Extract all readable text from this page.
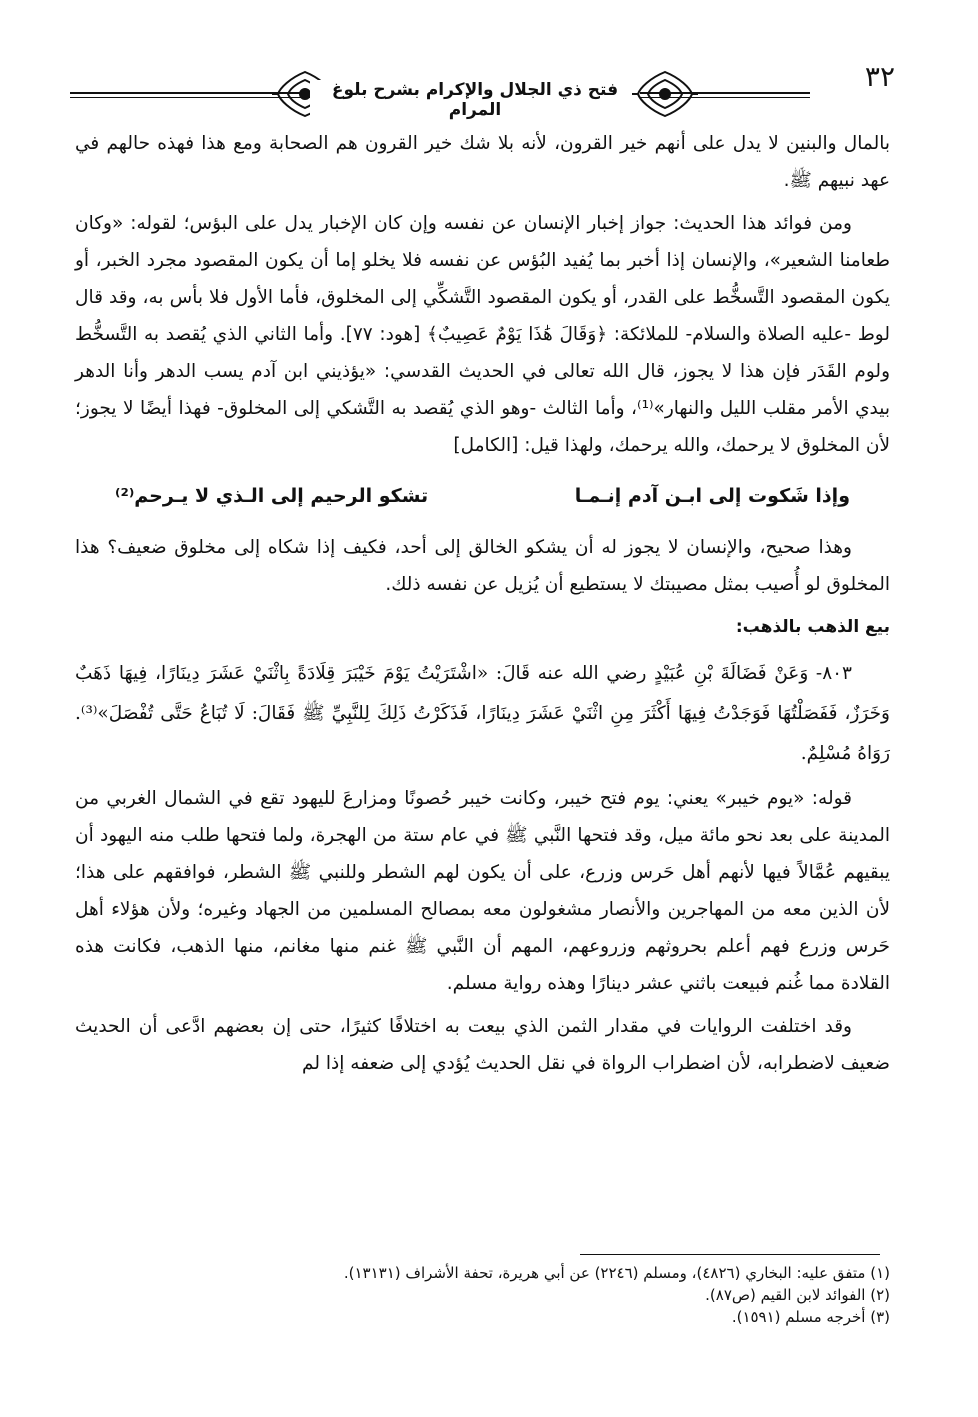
فتح ذي الجلال والإكرام بشرح بلوغ المرام
٣٢

بالمال والبنين لا يدل على أنهم خير القرون، لأنه بلا شك خير القرون هم الصحابة ومع هذا فهذه حالهم في عهد نبيهم ﷺ.

ومن فوائد هذا الحديث: جواز إخبار الإنسان عن نفسه وإن كان الإخبار يدل على البؤس؛ لقوله: «وكان طعامنا الشعير»، والإنسان إذا أخبر بما يُفيد البُؤس عن نفسه فلا يخلو إما أن يكون المقصود مجرد الخبر، أو يكون المقصود التَّسخُّط على القدر، أو يكون المقصود التَّشكِّي إلى المخلوق، فأما الأول فلا بأس به، وقد قال لوط -عليه الصلاة والسلام- للملائكة: ﴿وَقَالَ هَٰذَا يَوْمٌ عَصِيبٌ﴾ [هود: ٧٧]. وأما الثاني الذي يُقصد به التَّسخُّط ولوم القَدَر فإن هذا لا يجوز، قال الله تعالى في الحديث القدسي: «يؤذيني ابن آدم يسب الدهر وأنا الدهر بيدي الأمر مقلب الليل والنهار»⁽¹⁾، وأما الثالث -وهو الذي يُقصد به التَّشكي إلى المخلوق- فهذا أيضًا لا يجوز؛ لأن المخلوق لا يرحمك، والله يرحمك، ولهذا قيل: [الكامل]

وإذا شَكوت إلى ابـن آدم إنـمـا
تشكو الرحيم إلى الـذي لا يـرحم⁽²⁾

وهذا صحيح، والإنسان لا يجوز له أن يشكو الخالق إلى أحد، فكيف إذا شكاه إلى مخلوق ضعيف؟ هذا المخلوق لو أُصيب بمثل مصيبتك لا يستطيع أن يُزيل عن نفسه ذلك.

بيع الذهب بالذهب:

٨٠٣- وَعَنْ فَضَالَةَ بْنِ عُبَيْدٍ رضي الله عنه قَالَ: «اشْتَرَيْتُ يَوْمَ خَيْبَرَ قِلَادَةً بِاثْنَيْ عَشَرَ دِينَارًا، فِيهَا ذَهَبٌ وَخَرَزٌ، فَفَصَلْتُهَا فَوَجَدْتُ فِيهَا أَكْثَرَ مِنِ اثْنَيْ عَشَرَ دِينَارًا، فَذَكَرْتُ ذَلِكَ لِلنَّبِيِّ ﷺ فَقَالَ: لَا تُبَاعُ حَتَّى تُفْصَلَ»⁽³⁾. رَوَاهُ مُسْلِمٌ.

قوله: «يوم خيبر» يعني: يوم فتح خيبر، وكانت خيبر حُصونًا ومزارعَ لليهود تقع في الشمال الغربي من المدينة على بعد نحو مائة ميل، وقد فتحها النَّبي ﷺ في عام ستة من الهجرة، ولما فتحها طلب منه اليهود أن يبقيهم عُمَّالاً فيها لأنهم أهل حَرس وزرع، على أن يكون لهم الشطر وللنبي ﷺ الشطر، فوافقهم على هذا؛ لأن الذين معه من المهاجرين والأنصار مشغولون معه بمصالح المسلمين من الجهاد وغيره؛ ولأن هؤلاء أهل حَرس وزرع فهم أعلم بحروثهم وزروعهم، المهم أن النَّبي ﷺ غنم منها مغانم، منها الذهب، فكانت هذه القلادة مما غُنم فبيعت باثني عشر دينارًا وهذه رواية مسلم.

وقد اختلفت الروايات في مقدار الثمن الذي بيعت به اختلافًا كثيرًا، حتى إن بعضهم ادَّعى أن الحديث ضعيف لاضطرابه، لأن اضطراب الرواة في نقل الحديث يُؤدي إلى ضعفه إذا لم

(١) متفق عليه: البخاري (٤٨٢٦)، ومسلم (٢٢٤٦) عن أبي هريرة، تحفة الأشراف (١٣١٣١).
(٢) الفوائد لابن القيم (ص٨٧).
(٣) أخرجه مسلم (١٥٩١).
